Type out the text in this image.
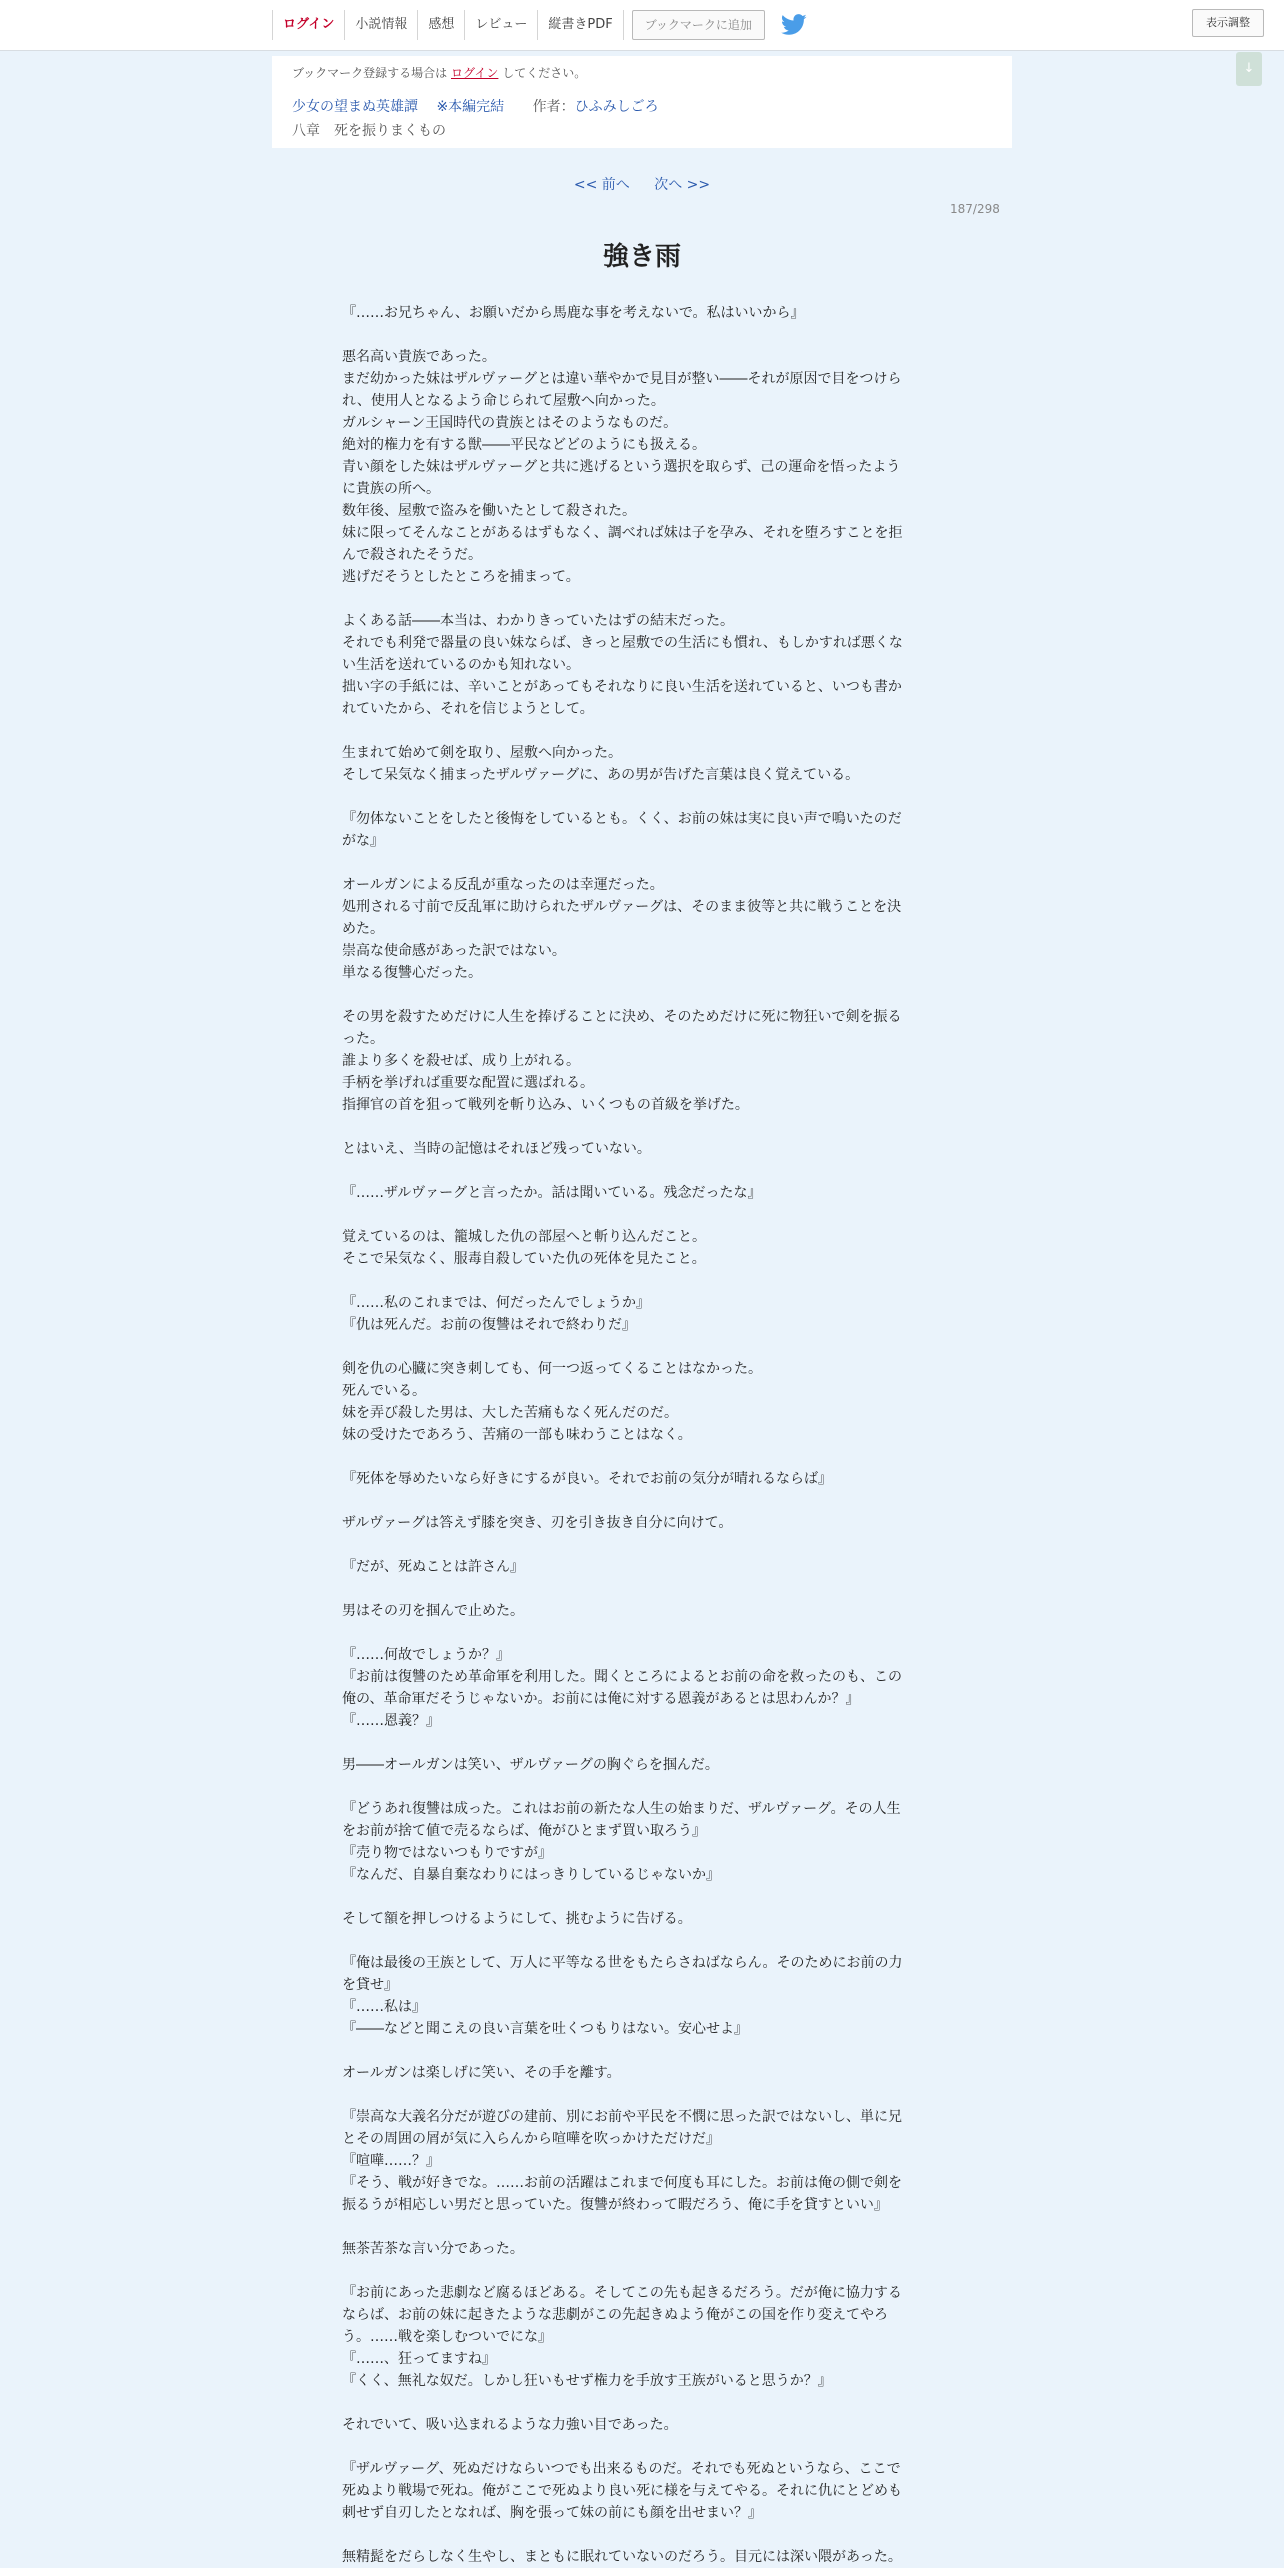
ログイン	小説情報	感想	レビュー	縦書きPDF	ブックマークに追加	表示調整
↓
ブックマーク登録する場合は ログイン してください。
少女の望まぬ英雄譚 ※本編完結 作者：ひふみしごろ
八章　死を振りまくもの
<< 前へ 次へ >>
187/298
強き雨

『……お兄ちゃん、お願いだから馬鹿な事を考えないで。私はいいから』

悪名高い貴族であった。

まだ幼かった妹はザルヴァーグとは違い華やかで見目が整い――それが原因で目をつけら

れ、使用人となるよう命じられて屋敷へ向かった。

ガルシャーン王国時代の貴族とはそのようなものだ。

絶対的権力を有する獣――平民などどのようにも扱える。

青い顔をした妹はザルヴァーグと共に逃げるという選択を取らず、己の運命を悟ったよう

に貴族の所へ。

数年後、屋敷で盗みを働いたとして殺された。

妹に限ってそんなことがあるはずもなく、調べれば妹は子を孕み、それを堕ろすことを拒

んで殺されたそうだ。

逃げだそうとしたところを捕まって。

よくある話――本当は、わかりきっていたはずの結末だった。

それでも利発で器量の良い妹ならば、きっと屋敷での生活にも慣れ、もしかすれば悪くな

い生活を送れているのかも知れない。

拙い字の手紙には、辛いことがあってもそれなりに良い生活を送れていると、いつも書か

れていたから、それを信じようとして。

生まれて始めて剣を取り、屋敷へ向かった。

そして呆気なく捕まったザルヴァーグに、あの男が告げた言葉は良く覚えている。

『勿体ないことをしたと後悔をしているとも。くく、お前の妹は実に良い声で鳴いたのだ

がな』

オールガンによる反乱が重なったのは幸運だった。

処刑される寸前で反乱軍に助けられたザルヴァーグは、そのまま彼等と共に戦うことを決

めた。

崇高な使命感があった訳ではない。

単なる復讐心だった。

その男を殺すためだけに人生を捧げることに決め、そのためだけに死に物狂いで剣を振る

った。

誰より多くを殺せば、成り上がれる。

手柄を挙げれば重要な配置に選ばれる。

指揮官の首を狙って戦列を斬り込み、いくつもの首級を挙げた。

とはいえ、当時の記憶はそれほど残っていない。

『……ザルヴァーグと言ったか。話は聞いている。残念だったな』

覚えているのは、籠城した仇の部屋へと斬り込んだこと。

そこで呆気なく、服毒自殺していた仇の死体を見たこと。

『……私のこれまでは、何だったんでしょうか』

『仇は死んだ。お前の復讐はそれで終わりだ』

剣を仇の心臓に突き刺しても、何一つ返ってくることはなかった。

死んでいる。

妹を弄び殺した男は、大した苦痛もなく死んだのだ。

妹の受けたであろう、苦痛の一部も味わうことはなく。

『死体を辱めたいなら好きにするが良い。それでお前の気分が晴れるならば』

ザルヴァーグは答えず膝を突き、刃を引き抜き自分に向けて。

『だが、死ぬことは許さん』

男はその刃を掴んで止めた。

『……何故でしょうか？』

『お前は復讐のため革命軍を利用した。聞くところによるとお前の命を救ったのも、この

俺の、革命軍だそうじゃないか。お前には俺に対する恩義があるとは思わんか？』

『……恩義？』

男――オールガンは笑い、ザルヴァーグの胸ぐらを掴んだ。

『どうあれ復讐は成った。これはお前の新たな人生の始まりだ、ザルヴァーグ。その人生

をお前が捨て値で売るならば、俺がひとまず買い取ろう』

『売り物ではないつもりですが』

『なんだ、自暴自棄なわりにはっきりしているじゃないか』

そして額を押しつけるようにして、挑むように告げる。

『俺は最後の王族として、万人に平等なる世をもたらさねばならん。そのためにお前の力

を貸せ』

『……私は』

『――などと聞こえの良い言葉を吐くつもりはない。安心せよ』

オールガンは楽しげに笑い、その手を離す。

『崇高な大義名分だが遊びの建前、別にお前や平民を不憫に思った訳ではないし、単に兄

とその周囲の屑が気に入らんから喧嘩を吹っかけただけだ』

『喧嘩……？』

『そう、戦が好きでな。……お前の活躍はこれまで何度も耳にした。お前は俺の側で剣を

振るうが相応しい男だと思っていた。復讐が終わって暇だろう、俺に手を貸すといい』

無茶苦茶な言い分であった。

『お前にあった悲劇など腐るほどある。そしてこの先も起きるだろう。だが俺に協力する

ならば、お前の妹に起きたような悲劇がこの先起きぬよう俺がこの国を作り変えてやろ

う。……戦を楽しむついでにな』

『……、狂ってますね』

『くく、無礼な奴だ。しかし狂いもせず権力を手放す王族がいると思うか？』

それでいて、吸い込まれるような力強い目であった。

『ザルヴァーグ、死ぬだけならいつでも出来るものだ。それでも死ぬというなら、ここで

死ぬより戦場で死ね。俺がここで死ぬより良い死に様を与えてやる。それに仇にとどめも

刺せず自刃したとなれば、胸を張って妹の前にも顔を出せまい？』

無精髭をだらしなく生やし、まともに眠れていないのだろう。目元には深い隈があった。
